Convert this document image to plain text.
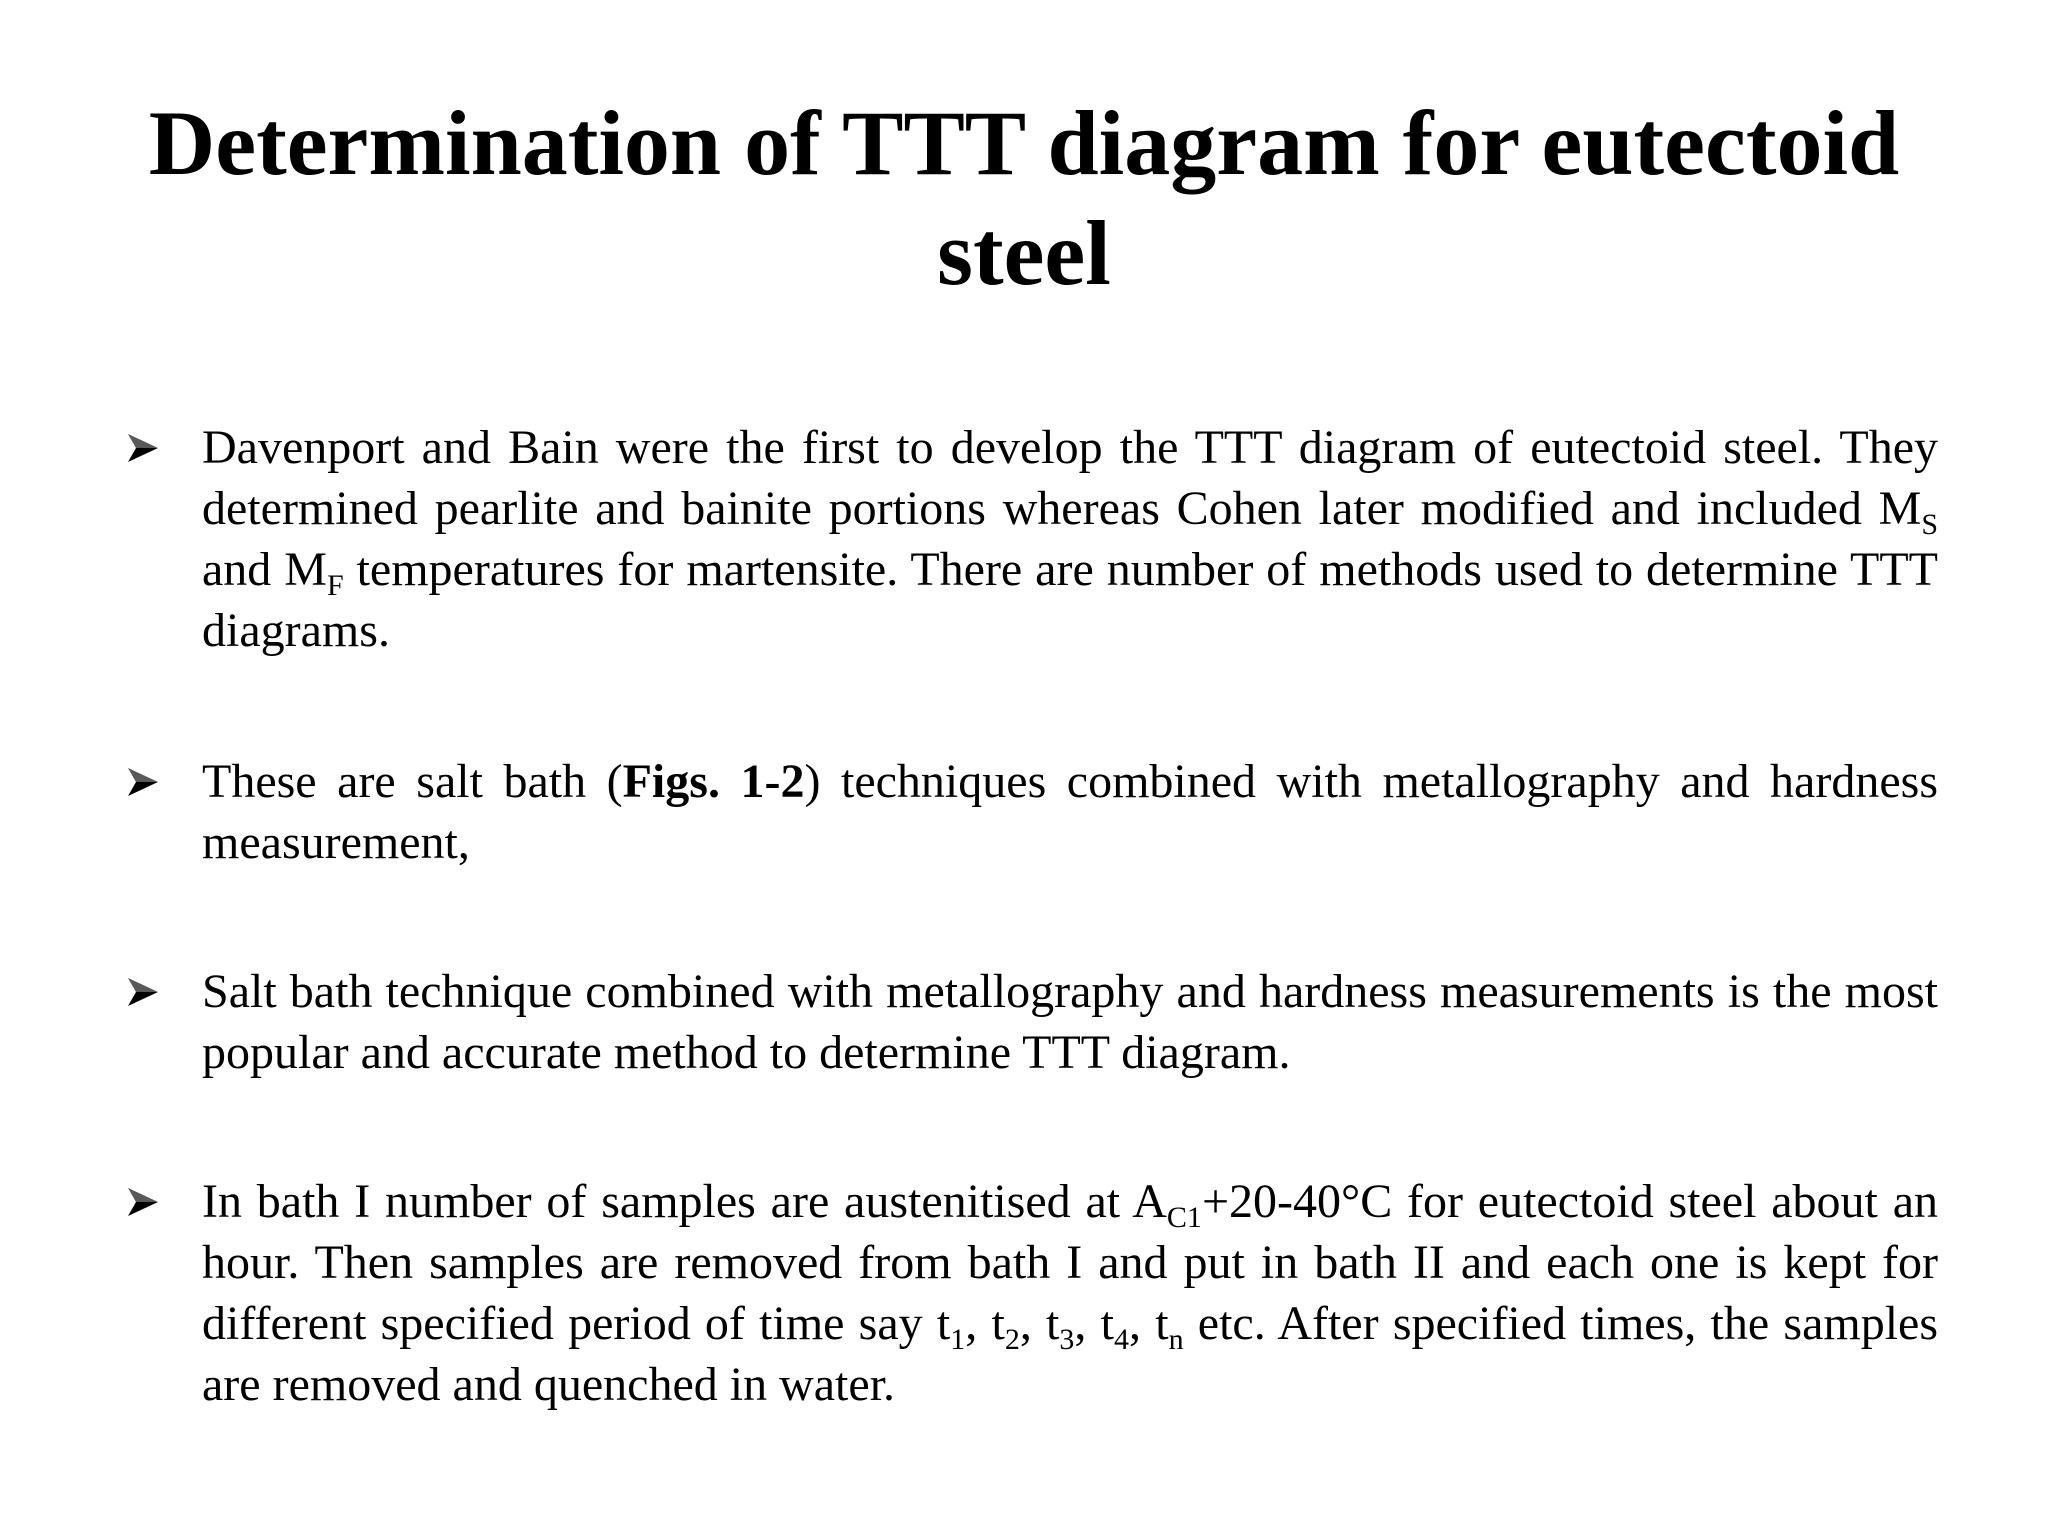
Determination of TTT diagram for eutectoid steel
Davenport and Bain were the first to develop the TTT diagram of eutectoid steel. They determined pearlite and bainite portions whereas Cohen later modified and included $M_S$ and $M_F$ temperatures for martensite. There are number of methods used to determine TTT diagrams.
These are salt bath (Figs. 1-2) techniques combined with metallography and hardness measurement,
Salt bath technique combined with metallography and hardness measurements is the most popular and accurate method to determine TTT diagram.
In bath I number of samples are austenitised at $A_{C1}+20-40^\circ C$ for eutectoid steel about an hour. Then samples are removed from bath I and put in bath II and each one is kept for different specified period of time say $t_1$, $t_2$, $t_3$, $t_4$, $t_n$ etc. After specified times, the samples are removed and quenched in water.
